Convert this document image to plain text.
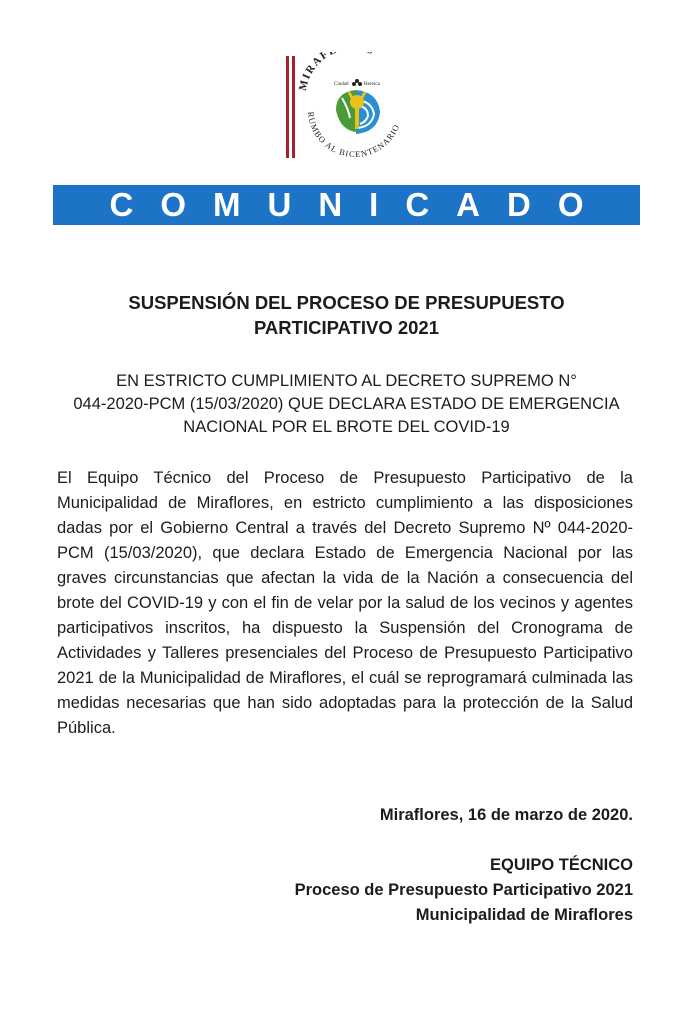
MIRAF
RUMBO AL BICENTENARIO
Ciudad	Heroica
COMUNICADO
SUSPENSIÓN DEL PROCESO DE PRESUPUESTO
PARTICIPATIVO 2021
EN ESTRICTO CUMPLIMIENTO AL DECRETO SUPREMO N°
044-2020-PCM (15/03/2020) QUE DECLARA ESTADO DE EMERGENCIA
NACIONAL POR EL BROTE DEL COVID-19
El Equipo Técnico del Proceso de Presupuesto Participativo de la Municipalidad de Miraflores, en estricto cumplimiento a las disposiciones dadas por el Gobierno Central a través del Decreto Supremo Nº 044-2020-PCM (15/03/2020), que declara Estado de Emergencia Nacional por las graves circunstancias que afectan la vida de la Nación a consecuencia del brote del COVID-19 y con el fin de velar por la salud de los vecinos y agentes participativos inscritos, ha dispuesto la Suspensión del Cronograma de Actividades y Talleres presenciales del Proceso de Presupuesto Participativo 2021 de la Municipalidad de Miraflores, el cuál se reprogramará culminada las medidas necesarias que han sido adoptadas para la protección de la Salud Pública.
Miraflores, 16 de marzo de 2020.
EQUIPO TÉCNICO
Proceso de Presupuesto Participativo 2021
Municipalidad de Miraflores
